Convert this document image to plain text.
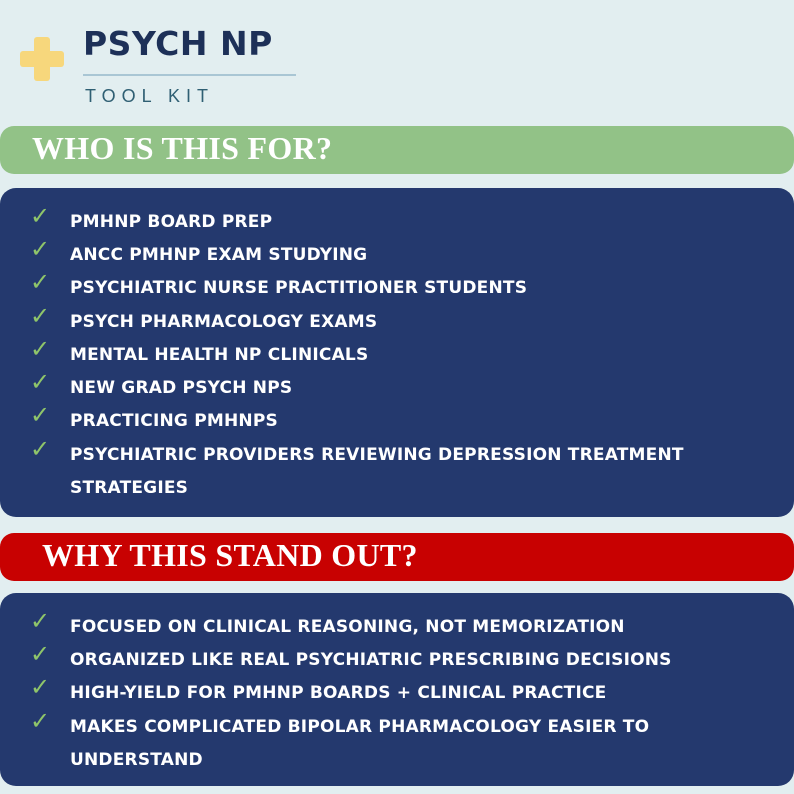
PSYCH NP
TOOL KIT
WHO IS THIS FOR?
✓ PMHNP BOARD PREP
✓ ANCC PMHNP EXAM STUDYING
✓ PSYCHIATRIC NURSE PRACTITIONER STUDENTS
✓ PSYCH PHARMACOLOGY EXAMS
✓ MENTAL HEALTH NP CLINICALS
✓ NEW GRAD PSYCH NPS
✓ PRACTICING PMHNPS
✓ PSYCHIATRIC PROVIDERS REVIEWING DEPRESSION TREATMENT STRATEGIES
WHY THIS STAND OUT?
✓ FOCUSED ON CLINICAL REASONING, NOT MEMORIZATION
✓ ORGANIZED LIKE REAL PSYCHIATRIC PRESCRIBING DECISIONS
✓ HIGH-YIELD FOR PMHNP BOARDS + CLINICAL PRACTICE
✓ MAKES COMPLICATED BIPOLAR PHARMACOLOGY EASIER TO UNDERSTAND
